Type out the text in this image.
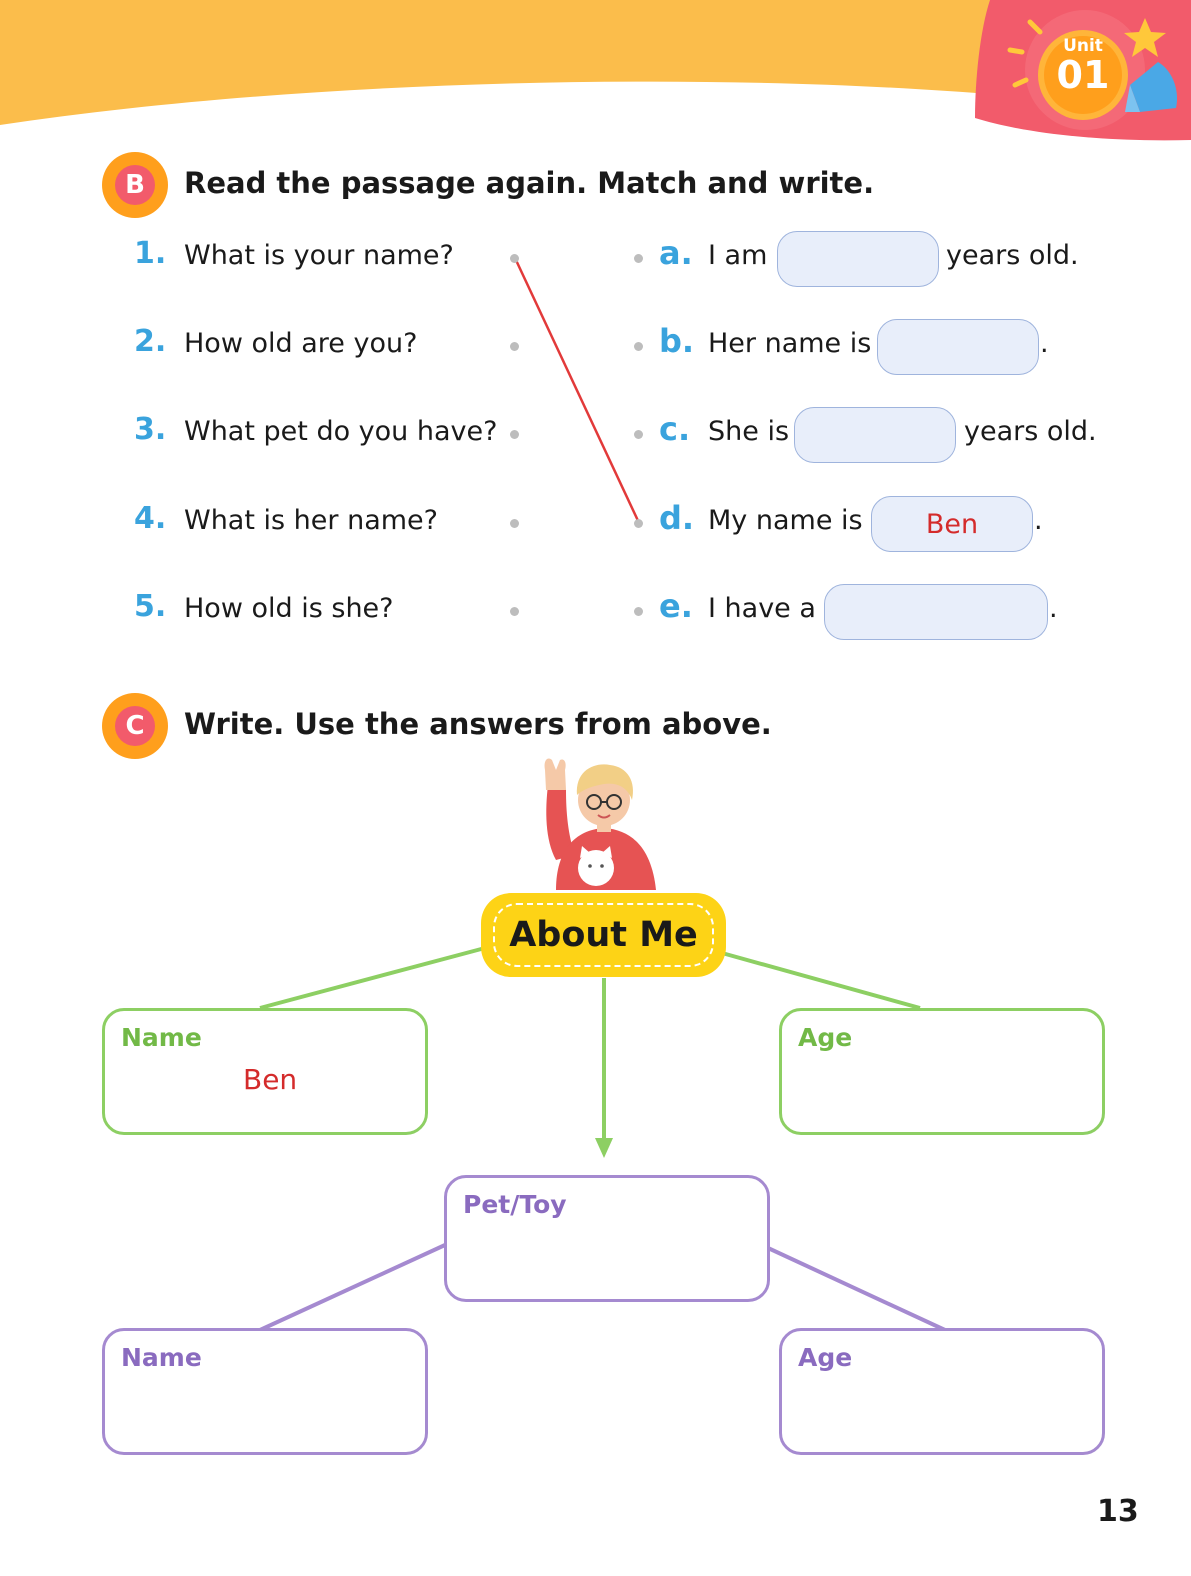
Unit
01
B Read the passage again. Match and write.
1. What is your name?
2. How old are you?
3. What pet do you have?
4. What is her name?
5. How old is she?
a. I am	years old.
b. Her name is	.
c. She is	years old.
d. My name is Ben .
e. I have a	.
C Write. Use the answers from above.
About Me
Name
Ben
Age
Pet/Toy
Name	Age
13
